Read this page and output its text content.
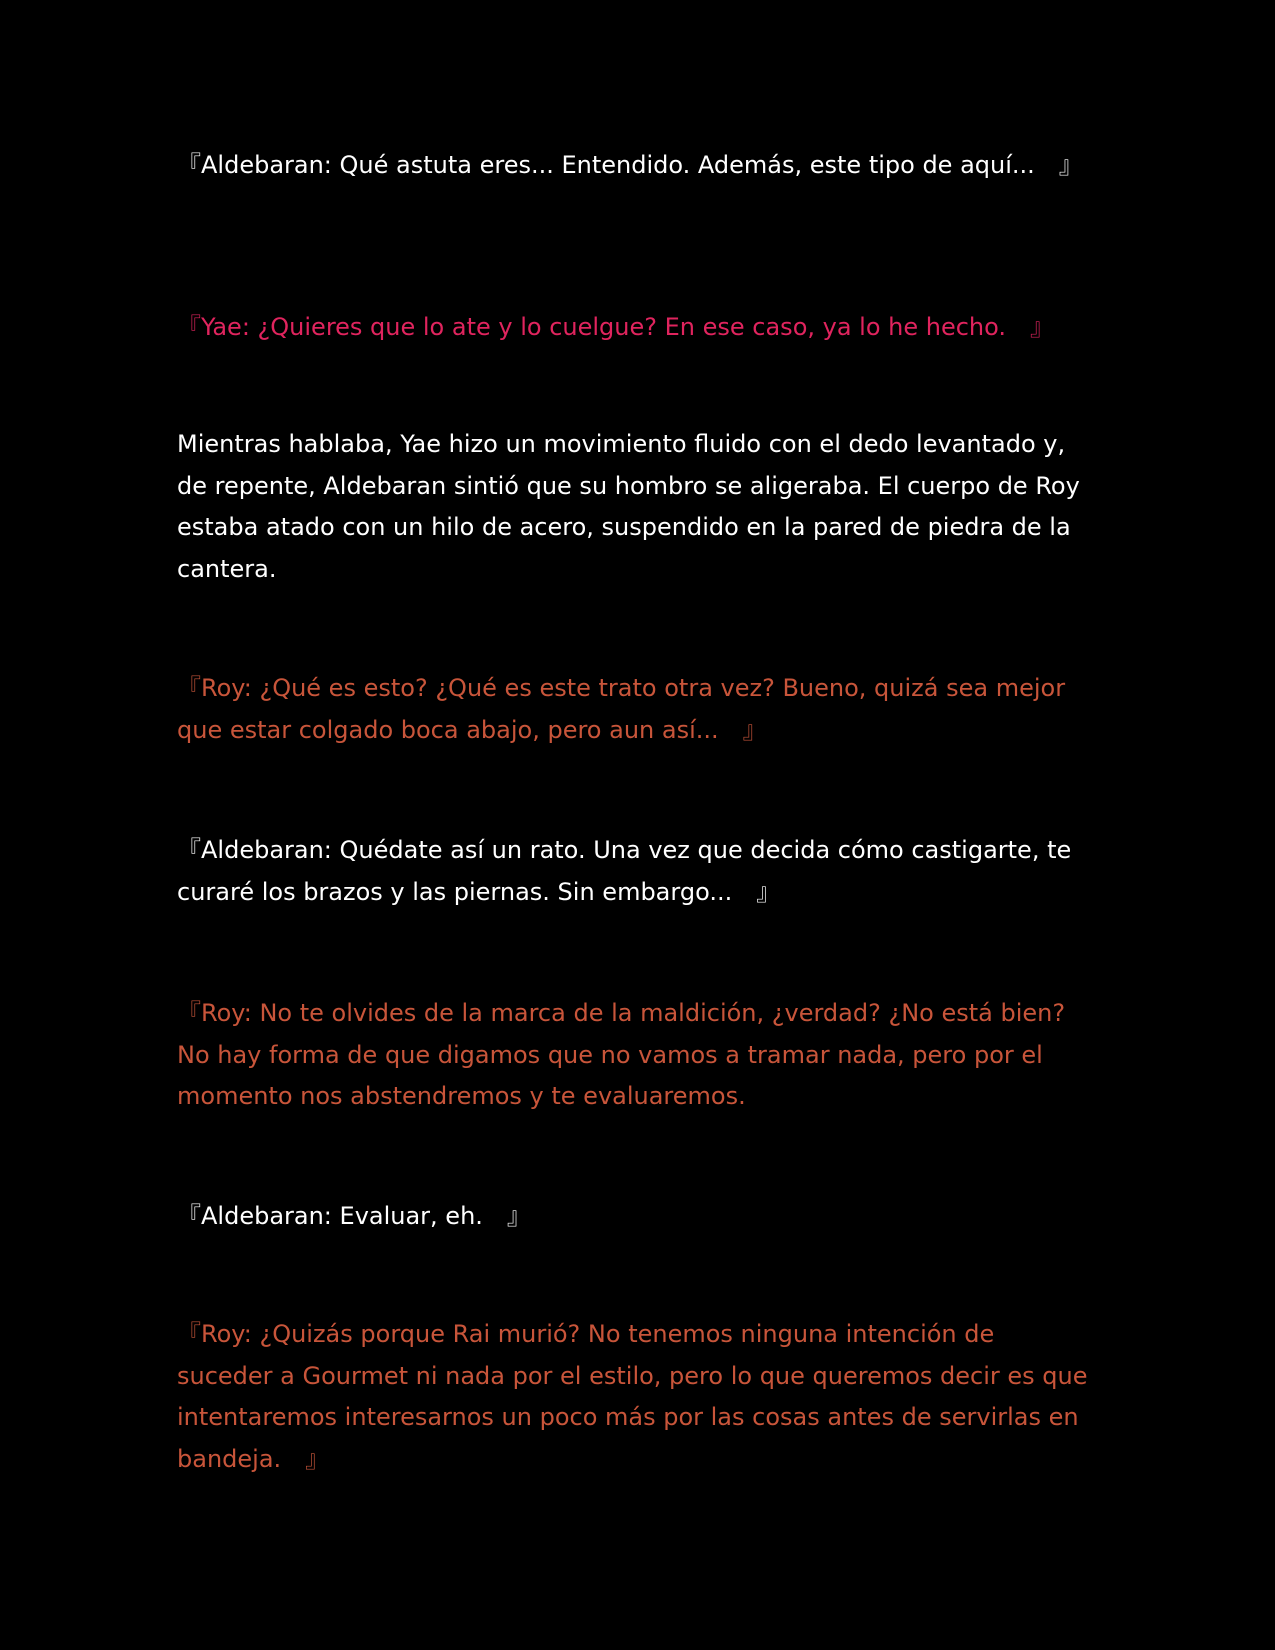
『Aldebaran: Qué astuta eres... Entendido. Además, este tipo de aquí...　』

『Yae: ¿Quieres que lo ate y lo cuelgue? En ese caso, ya lo he hecho.　』

Mientras hablaba, Yae hizo un movimiento fluido con el dedo levantado y, de repente, Aldebaran sintió que su hombro se aligeraba. El cuerpo de Roy estaba atado con un hilo de acero, suspendido en la pared de piedra de la cantera.

『Roy: ¿Qué es esto? ¿Qué es este trato otra vez? Bueno, quizá sea mejor que estar colgado boca abajo, pero aun así...　』

『Aldebaran: Quédate así un rato. Una vez que decida cómo castigarte, te curaré los brazos y las piernas. Sin embargo...　』

『Roy: No te olvides de la marca de la maldición, ¿verdad? ¿No está bien? No hay forma de que digamos que no vamos a tramar nada, pero por el momento nos abstendremos y te evaluaremos.

『Aldebaran: Evaluar, eh.　』

『Roy: ¿Quizás porque Rai murió? No tenemos ninguna intención de suceder a Gourmet ni nada por el estilo, pero lo que queremos decir es que intentaremos interesarnos un poco más por las cosas antes de servirlas en bandeja.　』
